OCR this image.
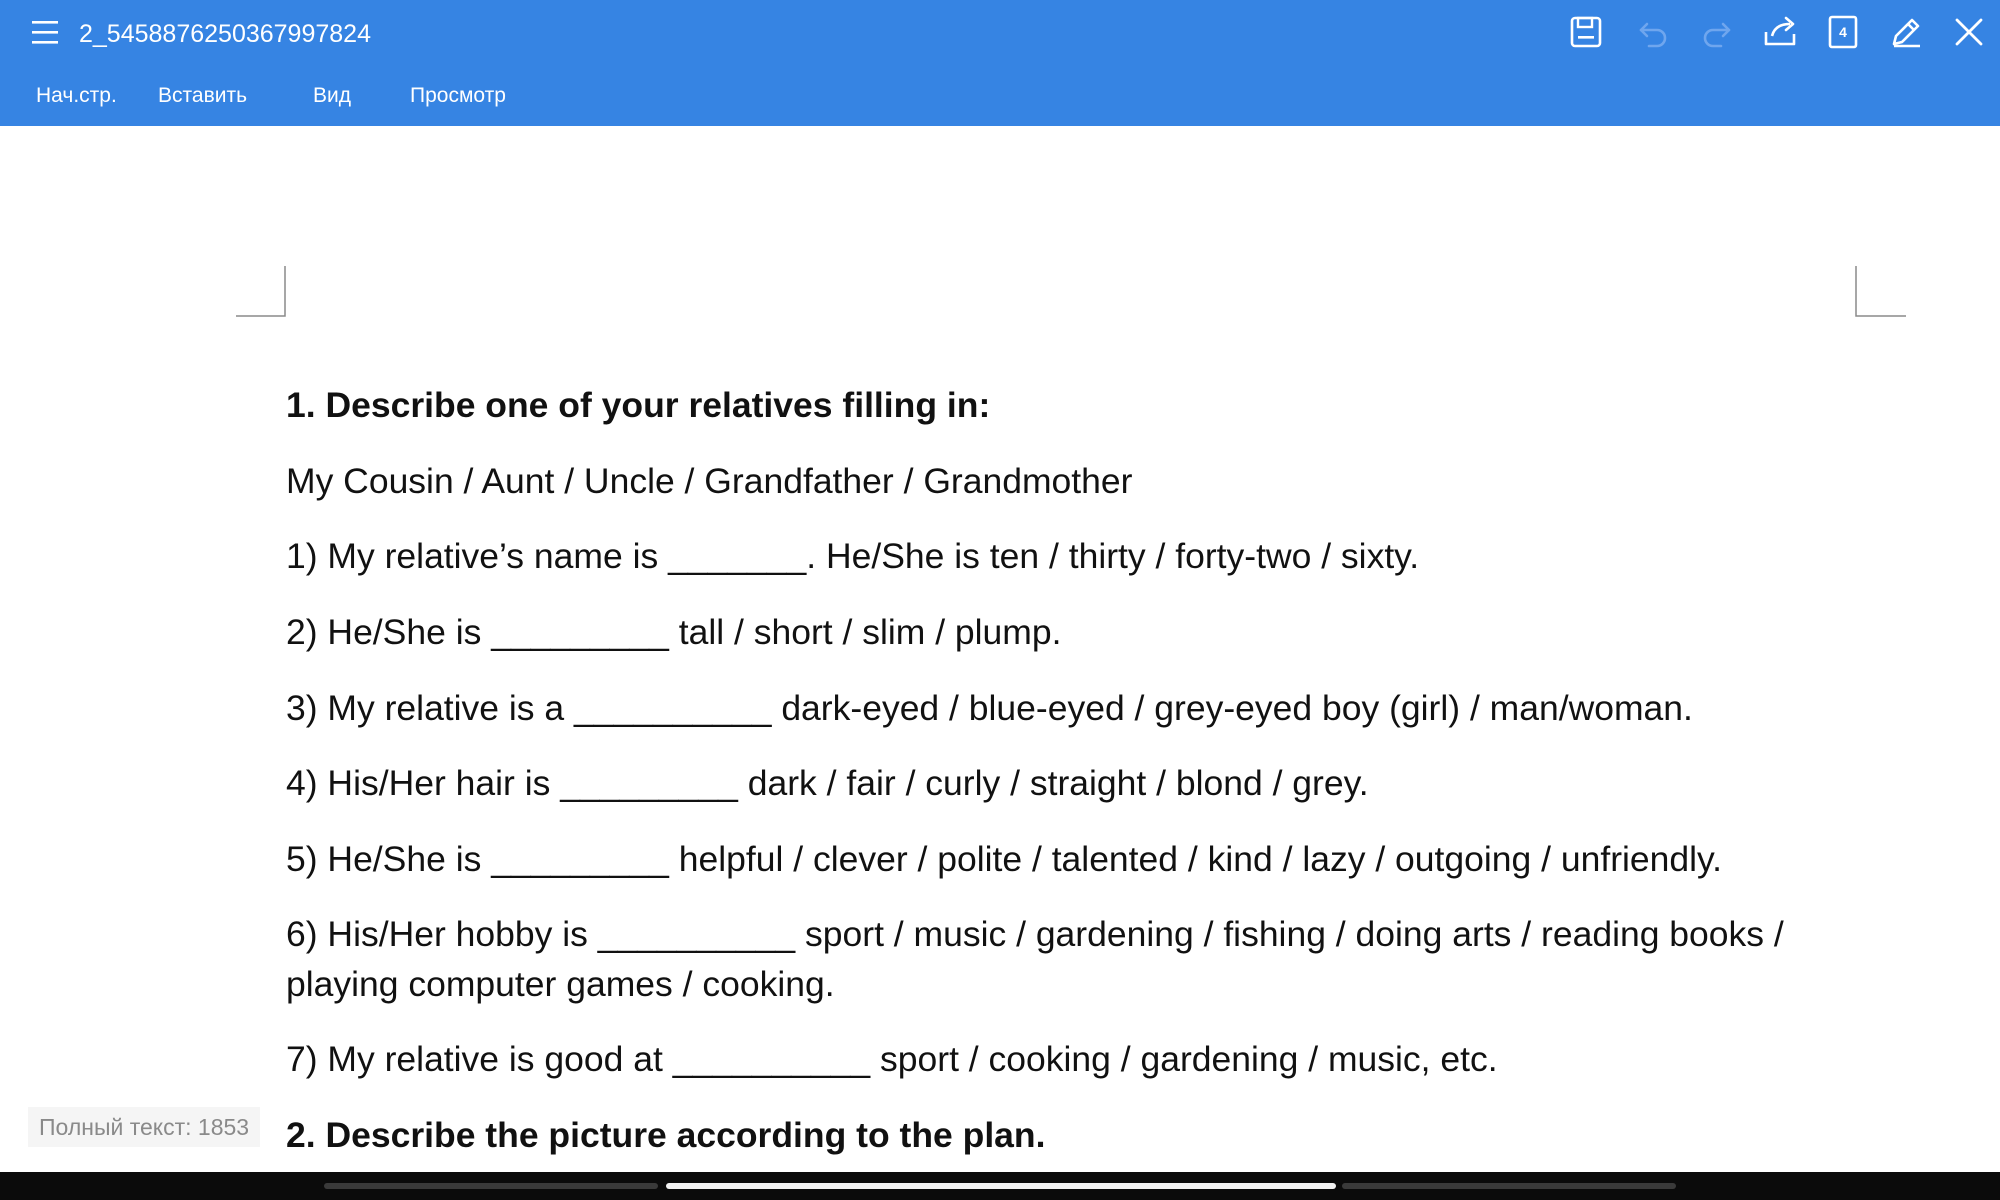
2_5458876250367997824
Нач.стр. Вставить	Вид	Просмотр
4

1. Describe one of your relatives filling in:

My Cousin / Aunt / Uncle / Grandfather / Grandmother

1) My relative’s name is _______. He/She is ten / thirty / forty-two / sixty.

2) He/She is _________ tall / short / slim / plump.

3) My relative is a __________ dark-eyed / blue-eyed / grey-eyed boy (girl) / man/woman.

4) His/Her hair is _________ dark / fair / curly / straight / blond / grey.

5) He/She is _________ helpful / clever / polite / talented / kind / lazy / outgoing / unfriendly.

6) His/Her hobby is __________ sport / music / gardening / fishing / doing arts / reading books / playing computer games / cooking.

7) My relative is good at __________ sport / cooking / gardening / music, etc.

2. Describe the picture according to the plan.

Полный текст: 1853
